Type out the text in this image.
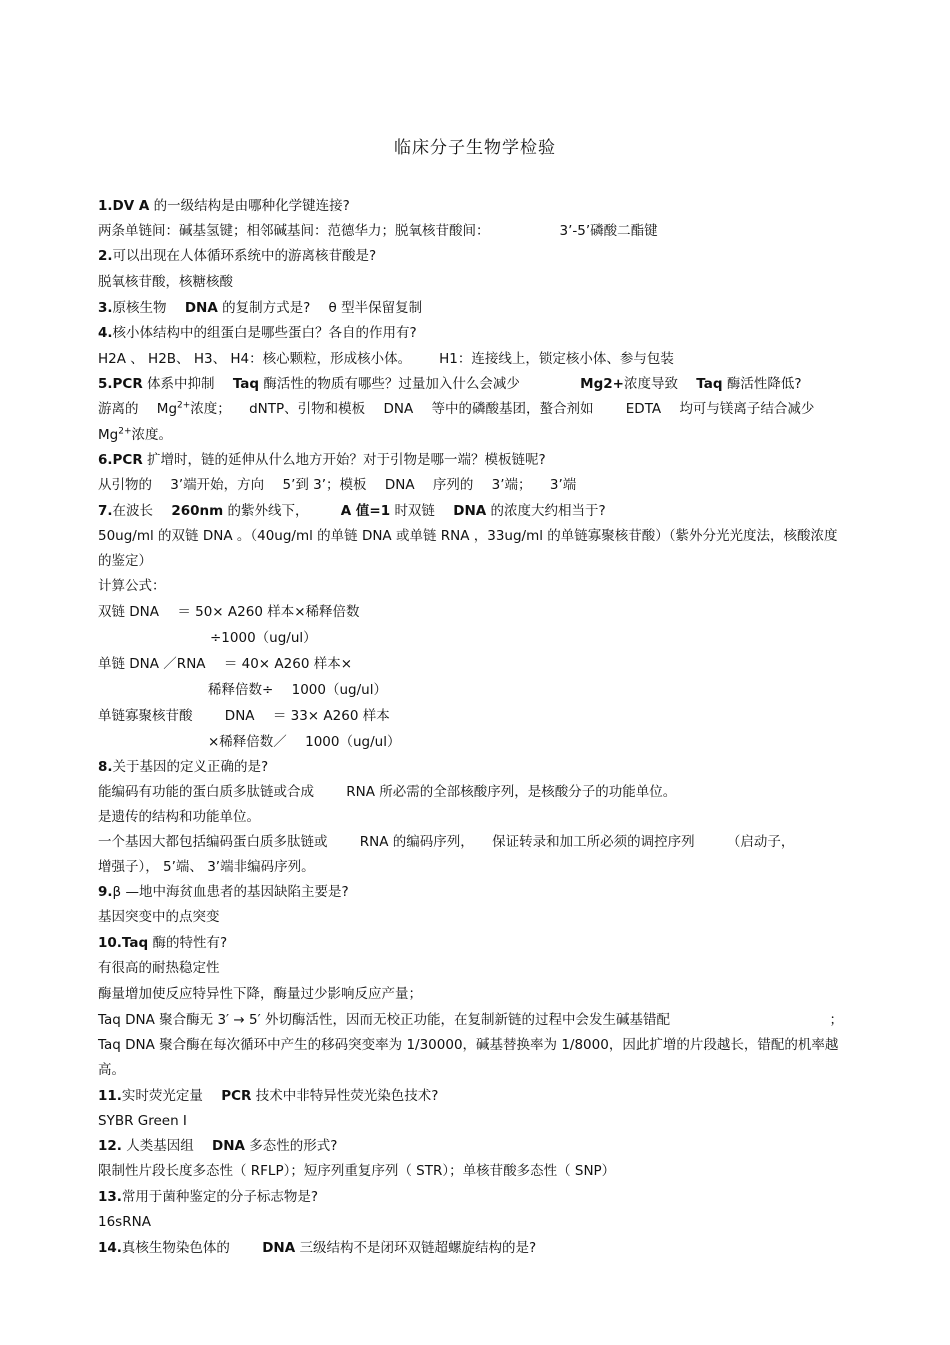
临床分子生物学检验
1.DV A 的一级结构是由哪种化学键连接?
两条单链间：碱基氢键；相邻碱基间：范德华力；脱氧核苷酸间：	3’-5’磷酸二酯键
2.可以出现在人体循环系统中的游离核苷酸是?
脱氧核苷酸，核糖核酸
3.原核生物 DNA 的复制方式是? θ 型半保留复制
4.核小体结构中的组蛋白是哪些蛋白？各自的作用有?
H2A 、 H2B、 H3、 H4：核心颗粒，形成核小体。 H1：连接线上，锁定核小体、参与包装
5.PCR 体系中抑制 Taq 酶活性的物质有哪些？过量加入什么会减少	Mg2+浓度导致 Taq 酶活性降低?
游离的 $Mg^{2+}$浓度； dNTP、引物和模板 DNA 等中的磷酸基团，螯合剂如 EDTA 均可与镁离子结合减少
$Mg^{2+}$浓度。
6.PCR 扩增时，链的延伸从什么地方开始？对于引物是哪一端？模板链呢?
从引物的 3’端开始，方向 5’到 3’；模板 DNA 序列的 3’端； 3’端
7.在波长 260nm 的紫外线下， A 值=1 时双链 DNA 的浓度大约相当于?
50ug/ml 的双链 DNA 。（40ug/ml 的单链 DNA 或单链 RNA ，33ug/ml 的单链寡聚核苷酸）（紫外分光光度法，核酸浓度的鉴定）
计算公式：
双链 DNA ＝ 50× A260 样本×稀释倍数
÷1000（ug/ul）
单链 DNA ／RNA ＝ 40× A260 样本×
稀释倍数÷ 1000（ug/ul）
单链寡聚核苷酸 DNA ＝ 33× A260 样本
×稀释倍数／ 1000（ug/ul）
8.关于基因的定义正确的是?
能编码有功能的蛋白质多肽链或合成 RNA 所必需的全部核酸序列，是核酸分子的功能单位。
是遗传的结构和功能单位。
一个基因大都包括编码蛋白质多肽链或 RNA 的编码序列， 保证转录和加工所必须的调控序列 （启动子，
增强子）， 5’端、 3’端非编码序列。
9.β —地中海贫血患者的基因缺陷主要是?
基因突变中的点突变
10.Taq 酶的特性有?
有很高的耐热稳定性
酶量增加使反应特异性下降，酶量过少影响反应产量；
Taq DNA 聚合酶无 3′ → 5′ 外切酶活性，因而无校正功能，在复制新链的过程中会发生碱基错配	；
Taq DNA 聚合酶在每次循环中产生的移码突变率为 1/30000，碱基替换率为 1/8000，因此扩增的片段越长，错配的机率越高。
11.实时荧光定量 PCR 技术中非特异性荧光染色技术?
SYBR Green I
12. 人类基因组 DNA 多态性的形式?
限制性片段长度多态性（ RFLP）；短序列重复序列（ STR）；单核苷酸多态性（ SNP）
13.常用于菌种鉴定的分子标志物是?
16sRNA
14.真核生物染色体的 DNA 三级结构不是闭环双链超螺旋结构的是?
